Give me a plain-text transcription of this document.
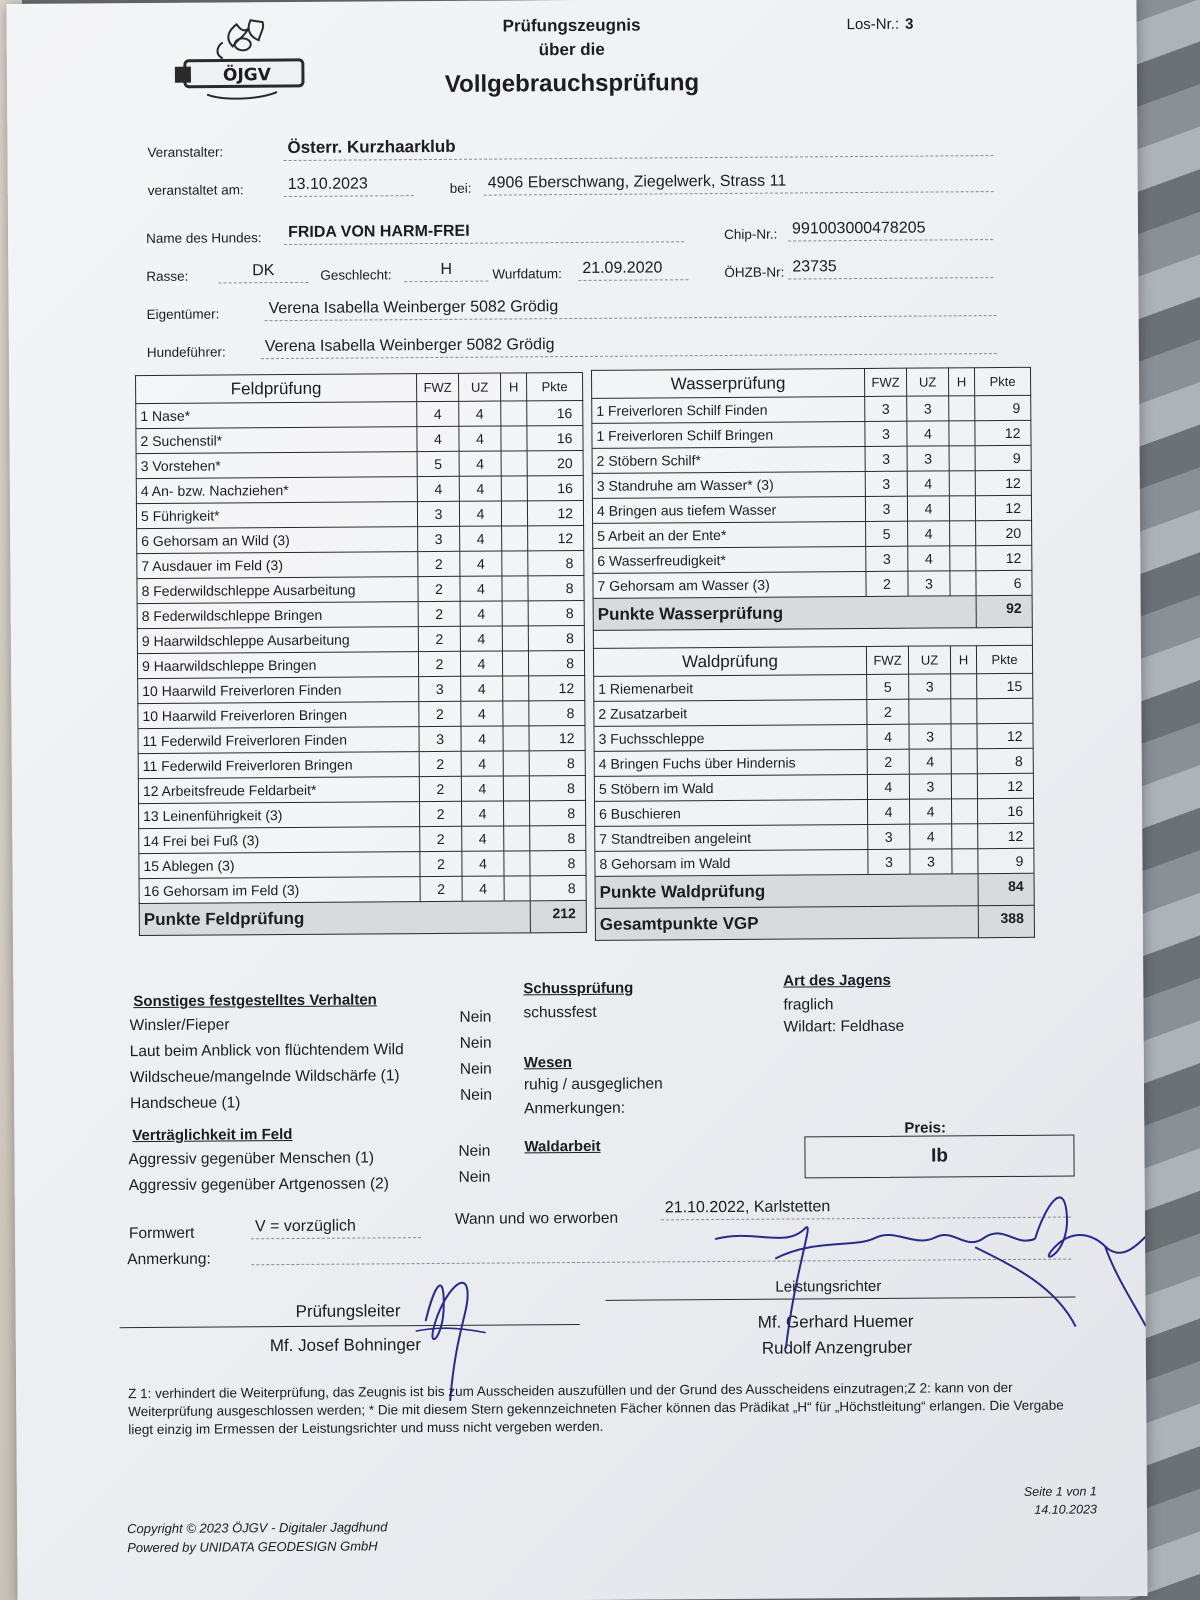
ÖJGV
Prüfungszeugnis
über die
Vollgebrauchsprüfung
Los-Nr.: 3
Veranstalter:	Österr. Kurzhaarklub
veranstaltet am:	13.10.2023	bei: 4906 Eberschwang, Ziegelwerk, Strass 11
Name des Hundes: FRIDA VON HARM-FREI	Chip-Nr.: 991003000478205
Rasse:	DK	Geschlecht:	H	Wurfdatum: 21.09.2020	ÖHZB-Nr: 23735
Eigentümer:	Verena Isabella Weinberger 5082 Grödig
Hundeführer: Verena Isabella Weinberger 5082 Grödig
Feldprüfung	FWZ	UZ	H	Pkte
1 Nase*	4	4		16
2 Suchenstil*	4	4		16
3 Vorstehen*	5	4		20
4 An- bzw. Nachziehen*	4	4		16
5 Führigkeit*	3	4		12
6 Gehorsam an Wild (3)	3	4		12
7 Ausdauer im Feld (3)	2	4		8
8 Federwildschleppe Ausarbeitung	2	4		8
8 Federwildschleppe Bringen	2	4		8
9 Haarwildschleppe Ausarbeitung	2	4		8
9 Haarwildschleppe Bringen	2	4		8
10 Haarwild Freiverloren Finden	3	4		12
10 Haarwild Freiverloren Bringen	2	4		8
11 Federwild Freiverloren Finden	3	4		12
11 Federwild Freiverloren Bringen	2	4		8
12 Arbeitsfreude Feldarbeit*	2	4		8
13 Leinenführigkeit (3)	2	4		8
14 Frei bei Fuß (3)	2	4		8
15 Ablegen (3)	2	4		8
16 Gehorsam im Feld (3)	2	4		8
Punkte Feldprüfung				212
Wasserprüfung	FWZ	UZ	H	Pkte
1 Freiverloren Schilf Finden	3	3		9
1 Freiverloren Schilf Bringen	3	4		12
2 Stöbern Schilf*	3	3		9
3 Standruhe am Wasser* (3)	3	4		12
4 Bringen aus tiefem Wasser	3	4		12
5 Arbeit an der Ente*	5	4		20
6 Wasserfreudigkeit*	3	4		12
7 Gehorsam am Wasser (3)	2	3		6
Punkte Wasserprüfung				92

Waldprüfung	FWZ	UZ	H	Pkte
1 Riemenarbeit	5	3		15
2 Zusatzarbeit	2			
3 Fuchsschleppe	4	3		12
4 Bringen Fuchs über Hindernis	2	4		8
5 Stöbern im Wald	4	3		12
6 Buschieren	4	4		16
7 Standtreiben angeleint	3	4		12
8 Gehorsam im Wald	3	3		9
Punkte Waldprüfung				84
Gesamtpunkte VGP				388
Sonstiges festgestelltes Verhalten
Winsler/Fieper	Nein
Laut beim Anblick von flüchtendem Wild	Nein
Wildscheue/mangelnde Wildschärfe (1)	Nein
Handscheue (1)	Nein
Verträglichkeit im Feld
Aggressiv gegenüber Menschen (1)	Nein
Aggressiv gegenüber Artgenossen (2)	Nein
Schussprüfung
schussfest
Wesen
ruhig / ausgeglichen
Anmerkungen:
Waldarbeit
Art des Jagens
fraglich
Wildart: Feldhase
Preis:
Ib
Formwert	V = vorzüglich	Wann und wo erworben
21.10.2022, Karlstetten
Anmerkung:
Prüfungsleiter
Mf. Josef Bohninger
Leistungsrichter
Mf. Gerhard Huemer
Rudolf Anzengruber
Z 1: verhindert die Weiterprüfung, das Zeugnis ist bis zum Ausscheiden auszufüllen und der Grund des Ausscheidens einzutragen;Z 2: kann von der Weiterprüfung ausgeschlossen werden; * Die mit diesem Stern gekennzeichneten Fächer können das Prädikat „H“ für „Höchstleitung“ erlangen. Die Vergabe liegt einzig im Ermessen der Leistungsrichter und muss nicht vergeben werden.
Copyright © 2023 ÖJGV - Digitaler Jagdhund
Powered by UNIDATA GEODESIGN GmbH
Seite 1 von 1
14.10.2023
